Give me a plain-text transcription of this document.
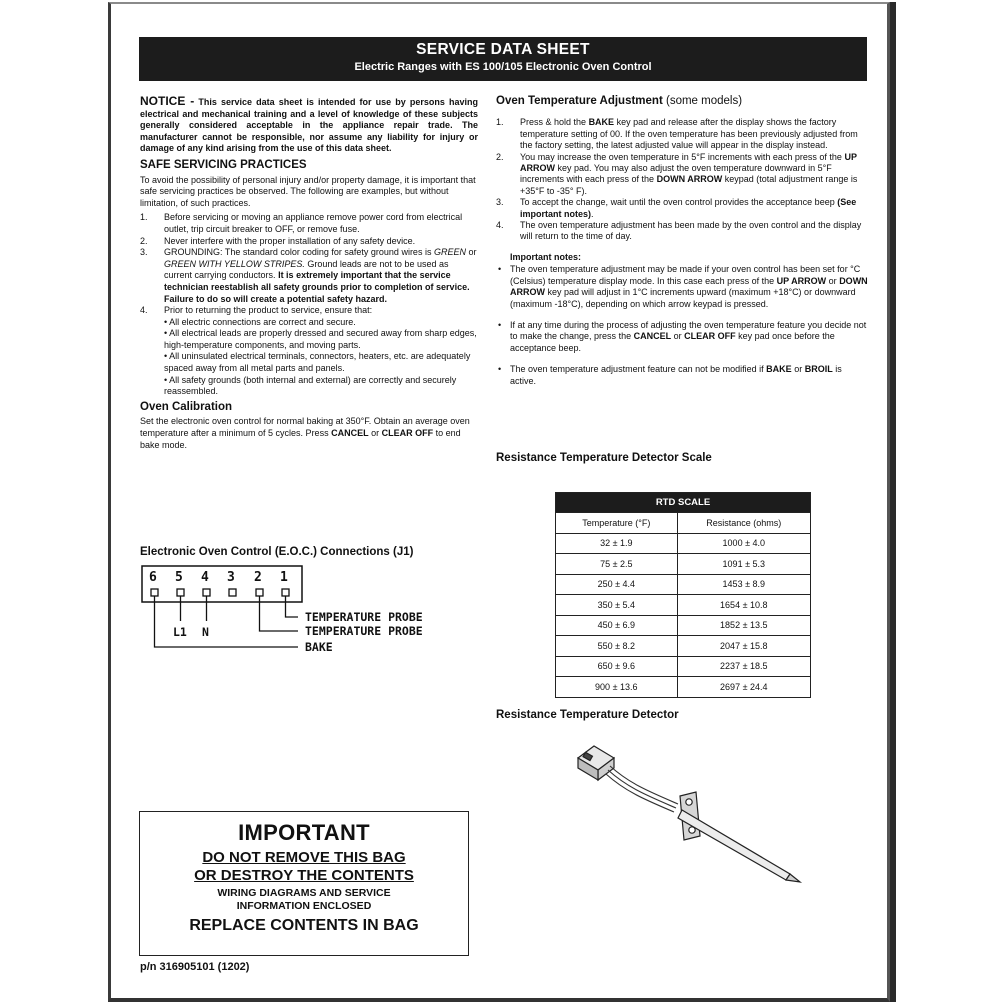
SERVICE DATA SHEET
Electric Ranges with ES 100/105 Electronic Oven Control

NOTICE - This service data sheet is intended for use by persons having electrical and mechanical training and a level of knowledge of these subjects generally considered acceptable in the appliance repair trade. The manufacturer cannot be responsible, nor assume any liability for injury or damage of any kind arising from the use of this data sheet.

SAFE SERVICING PRACTICES

To avoid the possibility of personal injury and/or property damage, it is important that safe servicing practices be observed. The following are examples, but without limitation, of such practices.

1. Before servicing or moving an appliance remove power cord from electrical outlet, trip circuit breaker to OFF, or remove fuse.
2. Never interfere with the proper installation of any safety device.
3. GROUNDING: The standard color coding for safety ground wires is GREEN or GREEN WITH YELLOW STRIPES. Ground leads are not to be used as current carrying conductors. It is extremely important that the service technician reestablish all safety grounds prior to completion of service. Failure to do so will create a potential safety hazard.
4. Prior to returning the product to service, ensure that:
• All electric connections are correct and secure.
• All electrical leads are properly dressed and secured away from sharp edges, high-temperature components, and moving parts.
• All uninsulated electrical terminals, connectors, heaters, etc. are adequately spaced away from all metal parts and panels.
• All safety grounds (both internal and external) are correctly and securely reassembled.
Oven Calibration

Set the electronic oven control for normal baking at 350°F. Obtain an average oven temperature after a minimum of 5 cycles. Press CANCEL or CLEAR OFF to end bake mode.

Electronic Oven Control (E.O.C.) Connections (J1)
6 5 4 3 2 1
L1 N
TEMPERATURE PROBE
TEMPERATURE PROBE
BAKE
IMPORTANT
DO NOT REMOVE THIS BAG
OR DESTROY THE CONTENTS
WIRING DIAGRAMS AND SERVICE
INFORMATION ENCLOSED
REPLACE CONTENTS IN BAG
p/n 316905101 (1202)
Oven Temperature Adjustment (some models)
1. Press & hold the BAKE key pad and release after the display shows the factory temperature setting of 00. If the oven temperature has been previously adjusted from the factory setting, the latest adjusted value will appear in the display instead.
2. You may increase the oven temperature in 5°F increments with each press of the UP ARROW key pad. You may also adjust the oven temperature downward in 5°F increments with each press of the DOWN ARROW keypad (total adjustment range is +35°F to -35° F).
3. To accept the change, wait until the oven control provides the acceptance beep (See important notes).
4. The oven temperature adjustment has been made by the oven control and the display will return to the time of day.
Important notes:
• The oven temperature adjustment may be made if your oven control has been set for °C (Celsius) temperature display mode. In this case each press of the UP ARROW or DOWN ARROW key pad will adjust in 1°C increments upward (maximum +18°C) or downward (maximum -18°C), depending on which arrow keypad is pressed.
• If at any time during the process of adjusting the oven temperature feature you decide not to make the change, press the CANCEL or CLEAR OFF key pad once before the acceptance beep.
• The oven temperature adjustment feature can not be modified if BAKE or BROIL is active.
Resistance Temperature Detector Scale
RTD SCALE	
Temperature (°F)	Resistance (ohms)
32 ± 1.9	1000 ± 4.0
75 ± 2.5	1091 ± 5.3
250 ± 4.4	1453 ± 8.9
350 ± 5.4	1654 ± 10.8
450 ± 6.9	1852 ± 13.5
550 ± 8.2	2047 ± 15.8
650 ± 9.6	2237 ± 18.5
900 ± 13.6	2697 ± 24.4
Resistance Temperature Detector
